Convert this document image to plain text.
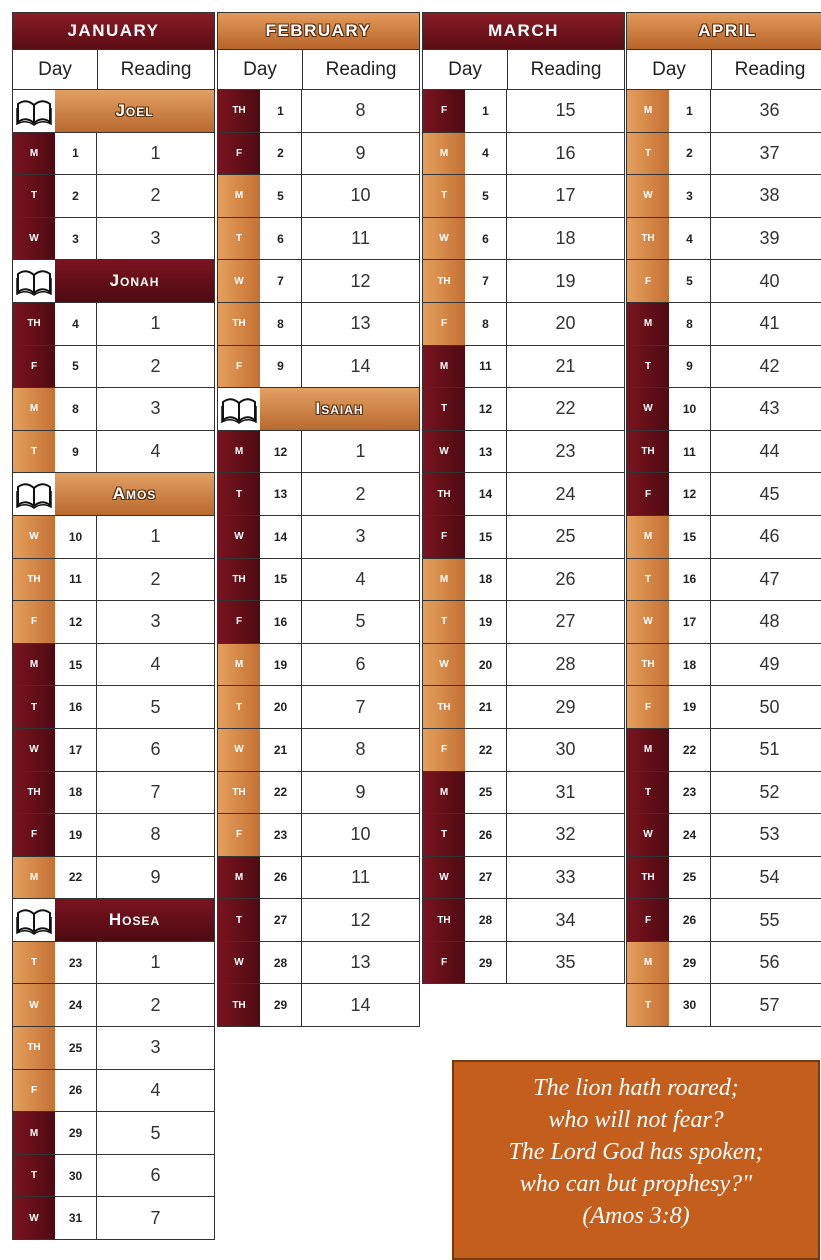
JANUARY
Day	Reading
Joel
M	1	1
T	2	2
W	3	3
Jonah
TH	4	1
F	5	2
M	8	3
T	9	4
Amos
W	10	1
TH	11	2
F	12	3
M	15	4
T	16	5
W	17	6
TH	18	7
F	19	8
M	22	9
Hosea
T	23	1
W	24	2
TH	25	3
F	26	4
M	29	5
T	30	6
W	31	7
FEBRUARY
Day	Reading
TH	1	8
F	2	9
M	5	10
T	6	11
W	7	12
TH	8	13
F	9	14
Isaiah
M	12	1
T	13	2
W	14	3
TH	15	4
F	16	5
M	19	6
T	20	7
W	21	8
TH	22	9
F	23	10
M	26	11
T	27	12
W	28	13
TH	29	14
MARCH
Day	Reading
F	1	15
M	4	16
T	5	17
W	6	18
TH	7	19
F	8	20
M	11	21
T	12	22
W	13	23
TH	14	24
F	15	25
M	18	26
T	19	27
W	20	28
TH	21	29
F	22	30
M	25	31
T	26	32
W	27	33
TH	28	34
F	29	35
APRIL
Day	Reading
M	1	36
T	2	37
W	3	38
TH	4	39
F	5	40
M	8	41
T	9	42
W	10	43
TH	11	44
F	12	45
M	15	46
T	16	47
W	17	48
TH	18	49
F	19	50
M	22	51
T	23	52
W	24	53
TH	25	54
F	26	55
M	29	56
T	30	57
The lion hath roared;
who will not fear?
The Lord God has spoken;
who can but prophesy?"
(Amos 3:8)
